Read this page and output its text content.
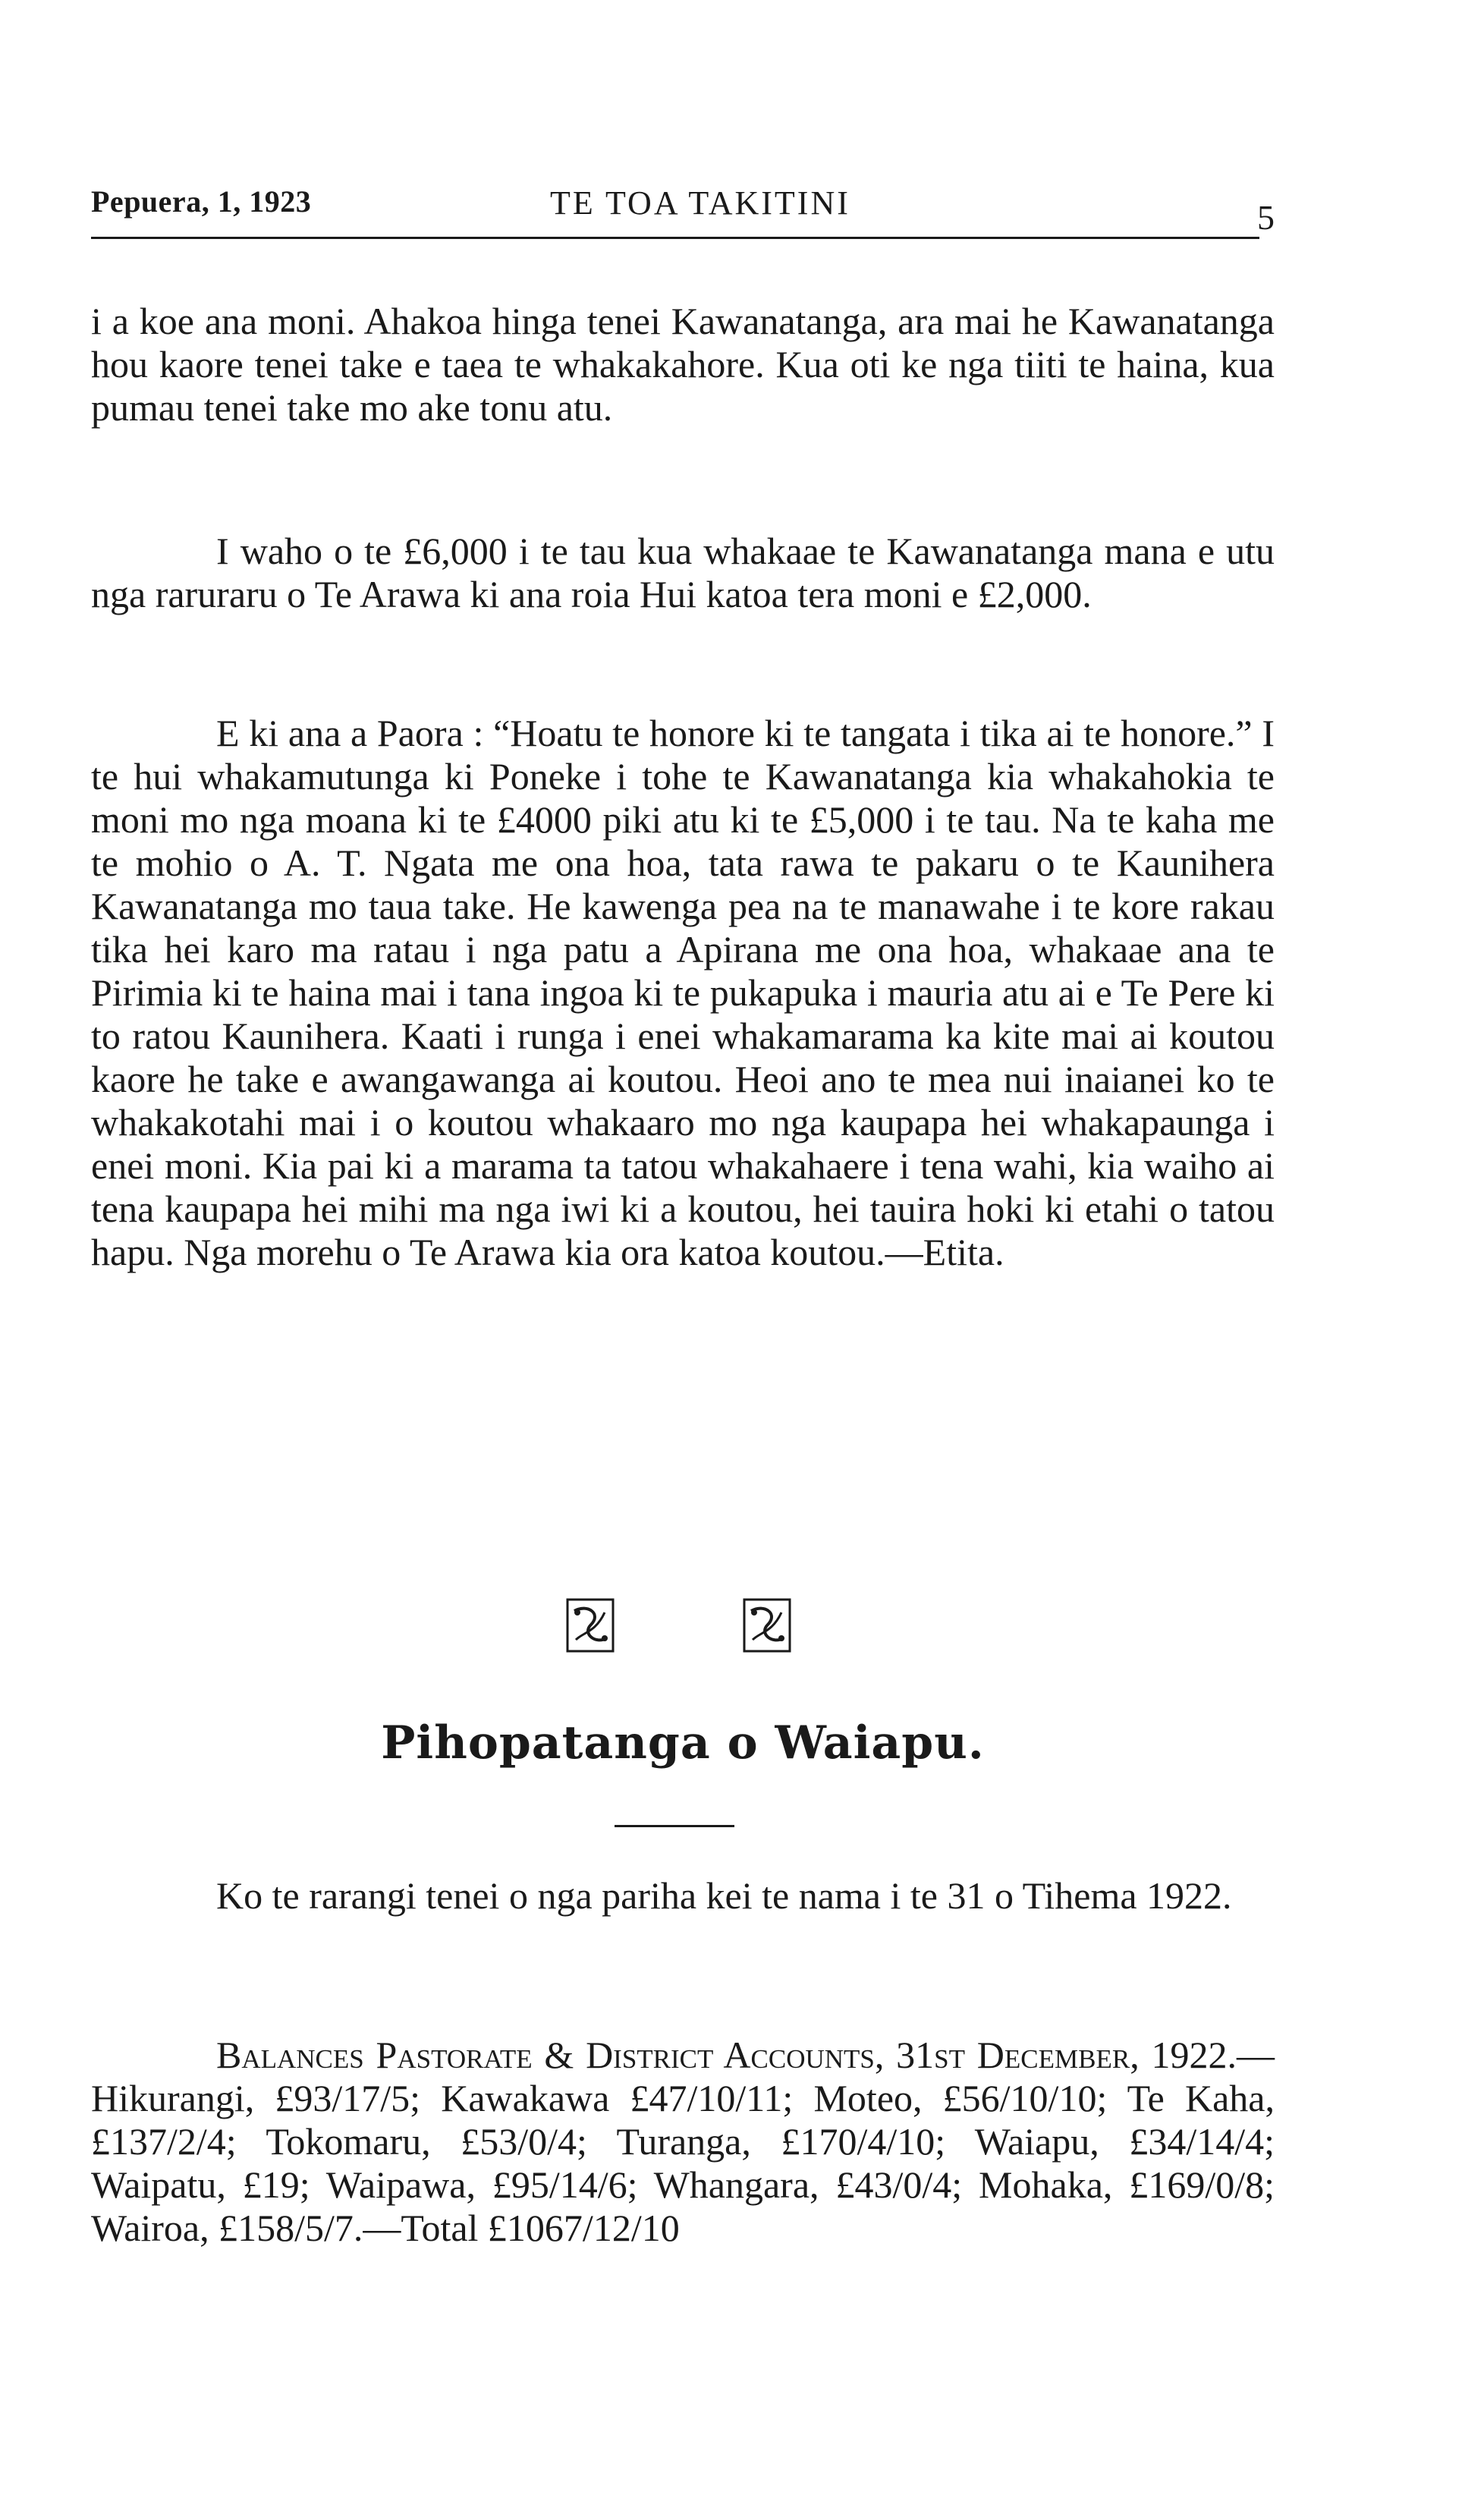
Pepuera, 1, 1923	TE TOA TAKITINI	5

i a koe ana moni. Ahakoa hinga tenei Kawanatanga, ara mai he Kawanatanga hou kaore tenei take e taea te whakakahore. Kua oti ke nga tiiti te haina, kua pumau tenei take mo ake tonu atu.

I waho o te £6,000 i te tau kua whakaae te Kawanatanga mana e utu nga raruraru o Te Arawa ki ana roia Hui katoa tera moni e £2,000.

E ki ana a Paora : “Hoatu te honore ki te tangata i tika ai te honore.” I te hui whakamutunga ki Poneke i tohe te Kawanatanga kia whakahokia te moni mo nga moana ki te £4000 piki atu ki te £5,000 i te tau. Na te kaha me te mohio o A. T. Ngata me ona hoa, tata rawa te pakaru o te Kaunihera Kawanatanga mo taua take. He kawenga pea na te manawahe i te kore rakau tika hei karo ma ratau i nga patu a Apirana me ona hoa, whakaae ana te Pirimia ki te haina mai i tana ingoa ki te pukapuka i mauria atu ai e Te Pere ki to ratou Kaunihera. Kaati i runga i enei whakamarama ka kite mai ai koutou kaore he take e awangawanga ai koutou. Heoi ano te mea nui inaianei ko te whakakotahi mai i o koutou whakaaro mo nga kaupapa hei whakapaunga i enei moni. Kia pai ki a marama ta tatou whakahaere i tena wahi, kia waiho ai tena kaupapa hei mihi ma nga iwi ki a koutou, hei tauira hoki ki etahi o tatou hapu. Nga morehu o Te Arawa kia ora katoa koutou.—Etita.

Pihopatanga o Waiapu.

Ko te rarangi tenei o nga pariha kei te nama i te 31 o Tihema 1922.

Balances Pastorate & District Accounts, 31st December, 1922.—Hikurangi, £93/17/5; Kawakawa £47/10/11; Moteo, £56/10/10; Te Kaha, £137/2/4; Tokomaru, £53/0/4; Turanga, £170/4/10; Waiapu, £34/14/4; Waipatu, £19; Waipawa, £95/14/6; Whangara, £43/0/4; Mohaka, £169/0/8; Wairoa, £158/5/7.—Total £1067/12/10
